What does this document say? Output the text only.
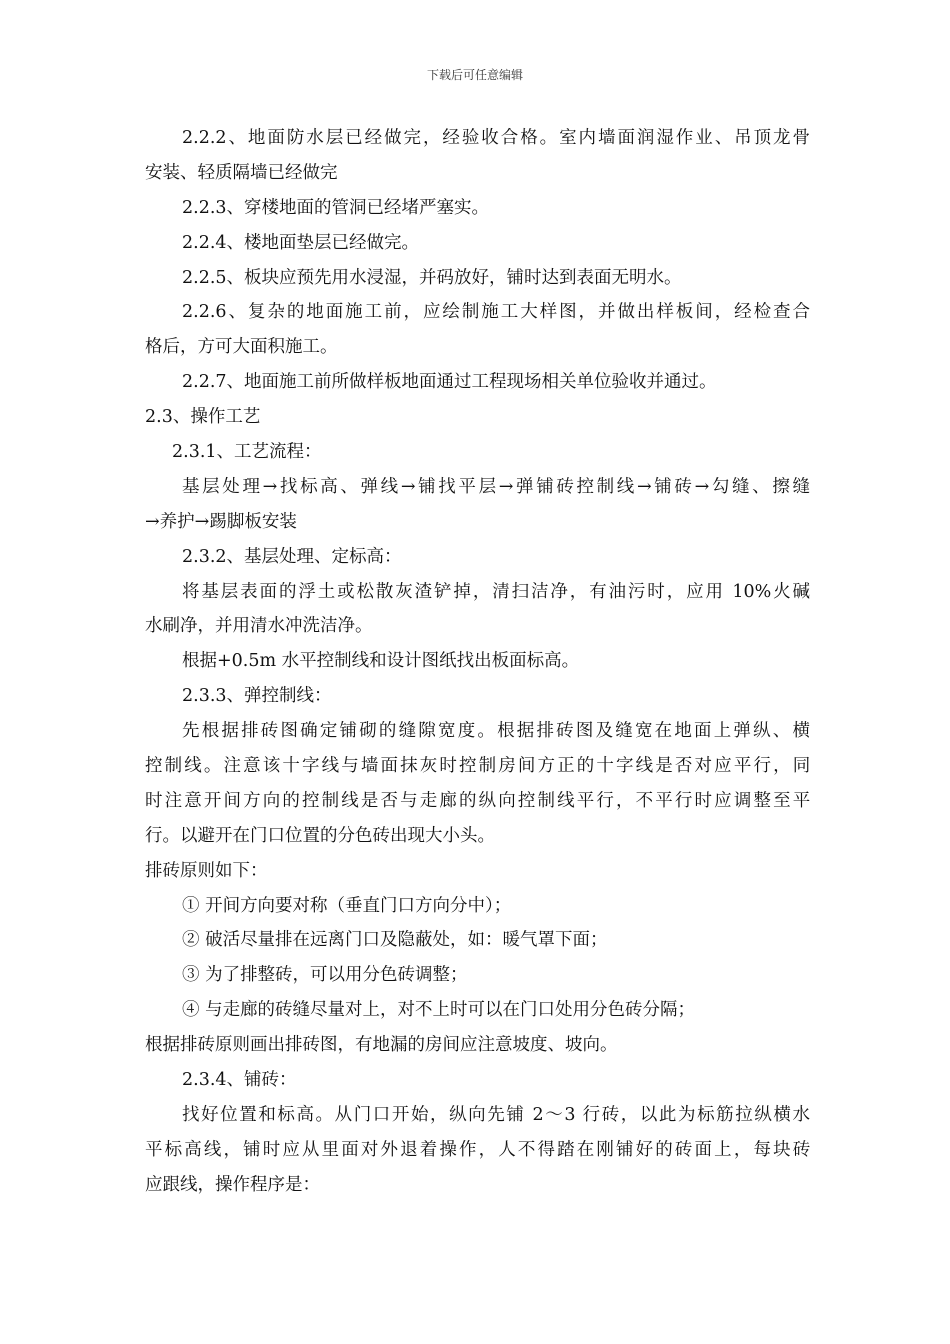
下载后可任意编辑

2.2.2、地面防水层已经做完，经验收合格。室内墙面润湿作业、吊顶龙骨

安装、轻质隔墙已经做完

2.2.3、穿楼地面的管洞已经堵严塞实。

2.2.4、楼地面垫层已经做完。

2.2.5、板块应预先用水浸湿，并码放好，铺时达到表面无明水。

2.2.6、复杂的地面施工前，应绘制施工大样图，并做出样板间，经检查合

格后，方可大面积施工。

2.2.7、地面施工前所做样板地面通过工程现场相关单位验收并通过。

2.3、操作工艺

2.3.1、工艺流程：

基层处理→找标高、弹线→铺找平层→弹铺砖控制线→铺砖→勾缝、擦缝

→养护→踢脚板安装

2.3.2、基层处理、定标高：

将基层表面的浮土或松散灰渣铲掉，清扫洁净，有油污时，应用 10%火碱

水刷净，并用清水冲洗洁净。

根据+0.5m 水平控制线和设计图纸找出板面标高。

2.3.3、弹控制线：

先根据排砖图确定铺砌的缝隙宽度。根据排砖图及缝宽在地面上弹纵、横

控制线。注意该十字线与墙面抹灰时控制房间方正的十字线是否对应平行，同

时注意开间方向的控制线是否与走廊的纵向控制线平行，不平行时应调整至平

行。以避开在门口位置的分色砖出现大小头。

排砖原则如下：

① 开间方向要对称（垂直门口方向分中）；

② 破活尽量排在远离门口及隐蔽处，如：暖气罩下面；

③ 为了排整砖，可以用分色砖调整；

④ 与走廊的砖缝尽量对上，对不上时可以在门口处用分色砖分隔；

根据排砖原则画出排砖图，有地漏的房间应注意坡度、坡向。

2.3.4、铺砖：

找好位置和标高。从门口开始，纵向先铺 2～3 行砖，以此为标筋拉纵横水

平标高线，铺时应从里面对外退着操作，人不得踏在刚铺好的砖面上，每块砖

应跟线，操作程序是：
